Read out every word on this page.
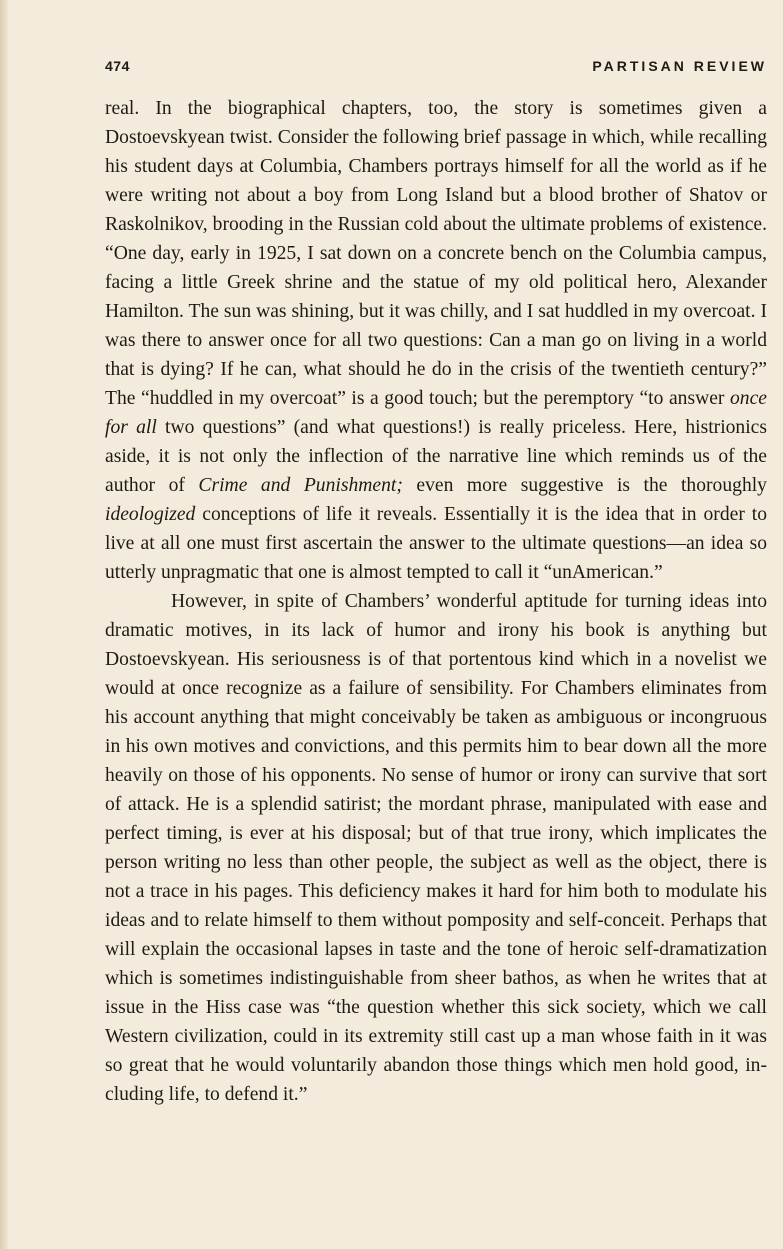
474	PARTISAN REVIEW

real. In the biographical chapters, too, the story is sometimes given a Dostoevskyean twist. Consider the following brief passage in which, while recalling his student days at Columbia, Chambers portrays himself for all the world as if he were writing not about a boy from Long Island but a blood brother of Shatov or Raskolnikov, brooding in the Russian cold about the ultimate problems of existence. “One day, early in 1925, I sat down on a concrete bench on the Columbia campus, facing a little Greek shrine and the statue of my old political hero, Alexander Hamilton. The sun was shining, but it was chilly, and I sat huddled in my overcoat. I was there to answer once for all two questions: Can a man go on living in a world that is dying? If he can, what should he do in the crisis of the twentieth century?” The “huddled in my overcoat” is a good touch; but the peremptory “to answer once for all two questions” (and what questions!) is really priceless. Here, histrionics aside, it is not only the inflection of the narrative line which reminds us of the author of Crime and Punishment; even more suggestive is the thoroughly ideologized conceptions of life it reveals. Essentially it is the idea that in order to live at all one must first ascertain the answer to the ultimate questions—an idea so utterly unpragmatic that one is almost tempted to call it “unAmerican.”

However, in spite of Chambers’ wonderful aptitude for turning ideas into dramatic motives, in its lack of humor and irony his book is anything but Dostoevskyean. His seriousness is of that portentous kind which in a novelist we would at once recognize as a failure of sensibility. For Chambers eliminates from his account anything that might conceivably be taken as ambiguous or incongruous in his own motives and convictions, and this permits him to bear down all the more heavily on those of his opponents. No sense of humor or irony can survive that sort of attack. He is a splendid satirist; the mordant phrase, manipulated with ease and perfect timing, is ever at his disposal; but of that true irony, which implicates the person writing no less than other people, the subject as well as the object, there is not a trace in his pages. This deficiency makes it hard for him both to modulate his ideas and to relate himself to them without pomposity and self-conceit. Perhaps that will explain the occasional lapses in taste and the tone of heroic self-dramatization which is sometimes indistinguishable from sheer bathos, as when he writes that at issue in the Hiss case was “the question whether this sick society, which we call Western civilization, could in its extremity still cast up a man whose faith in it was so great that he would voluntarily abandon those things which men hold good, including life, to defend it.”
